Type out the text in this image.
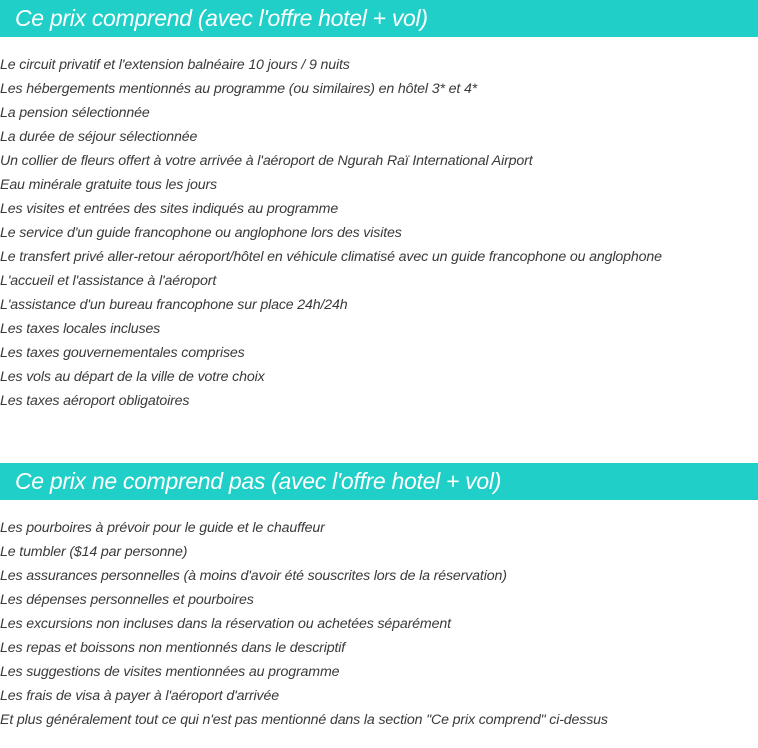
Ce prix comprend (avec l'offre hotel + vol)
Le circuit privatif et l'extension balnéaire 10 jours / 9 nuits
Les hébergements mentionnés au programme (ou similaires) en hôtel 3* et 4*
La pension sélectionnée
La durée de séjour sélectionnée
Un collier de fleurs offert à votre arrivée à l'aéroport de Ngurah Raï International Airport
Eau minérale gratuite tous les jours
Les visites et entrées des sites indiqués au programme
Le service d'un guide francophone ou anglophone lors des visites
Le transfert privé aller-retour aéroport/hôtel en véhicule climatisé avec un guide francophone ou anglophone
L'accueil et l'assistance à l'aéroport
L'assistance d'un bureau francophone sur place 24h/24h
Les taxes locales incluses
Les taxes gouvernementales comprises
Les vols au départ de la ville de votre choix
Les taxes aéroport obligatoires
Ce prix ne comprend pas (avec l'offre hotel + vol)
Les pourboires à prévoir pour le guide et le chauffeur
Le tumbler ($14 par personne)
Les assurances personnelles (à moins d'avoir été souscrites lors de la réservation)
Les dépenses personnelles et pourboires
Les excursions non incluses dans la réservation ou achetées séparément
Les repas et boissons non mentionnés dans le descriptif
Les suggestions de visites mentionnées au programme
Les frais de visa à payer à l'aéroport d'arrivée
Et plus généralement tout ce qui n'est pas mentionné dans la section "Ce prix comprend" ci-dessus
